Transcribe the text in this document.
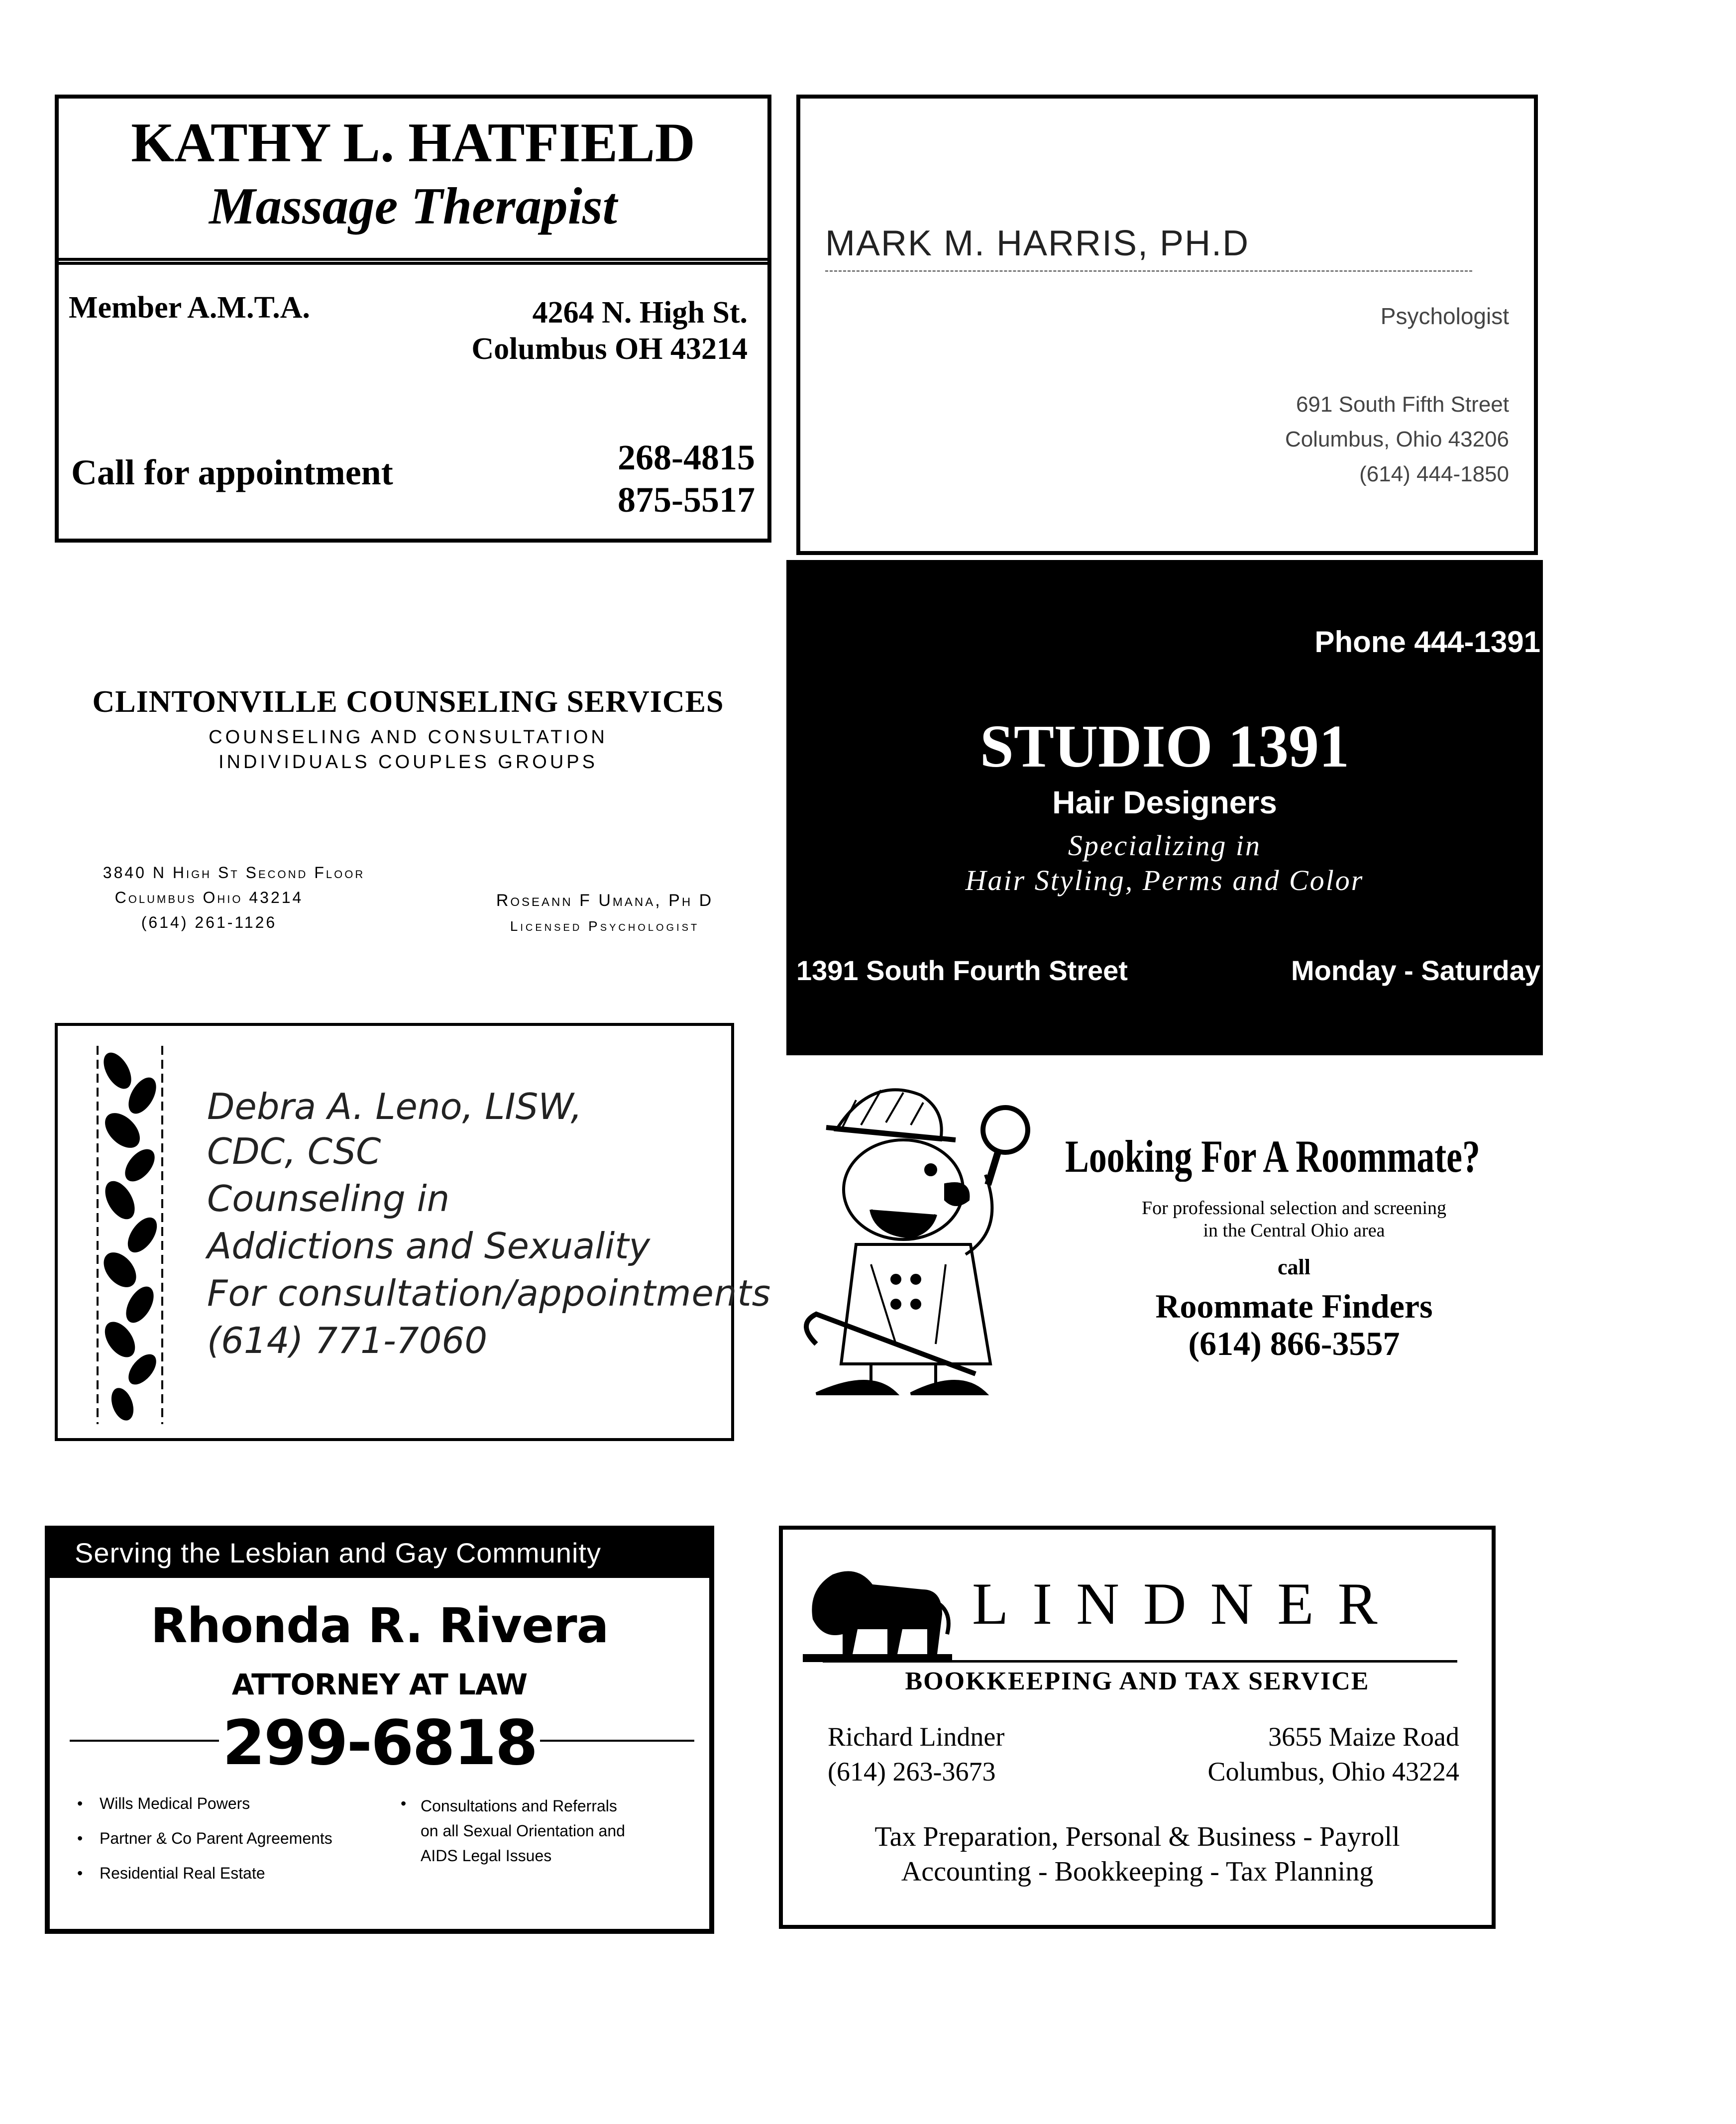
KATHY L. HATFIELD
Massage Therapist
Member A.M.T.A.	4264 N. High St.
Columbus OH 43214
Call for appointment	268-4815
875-5517
MARK M. HARRIS, PH.D
Psychologist
691 South Fifth Street
Columbus, Ohio 43206
(614) 444-1850
CLINTONVILLE COUNSELING SERVICES
COUNSELING AND CONSULTATION
INDIVIDUALS COUPLES GROUPS
3840 N High St Second Floor
Columbus Ohio 43214
(614) 261-1126
Roseann F Umana, Ph D
Licensed Psychologist
Phone 444-1391
STUDIO 1391
Hair Designers
Specializing in
Hair Styling, Perms and Color
1391 South Fourth Street	Monday - Saturday
Debra A. Leno, LISW,
CDC, CSC
Counseling in
Addictions and Sexuality
For consultation/appointments
(614) 771-7060
Looking For A Roommate?
For professional selection and screening
in the Central Ohio area
call
Roommate Finders
(614) 866-3557
Serving the Lesbian and Gay Community
Rhonda R. Rivera
ATTORNEY AT LAW
299-6818
Wills Medical Powers
Partner & Co Parent Agreements
Residential Real Estate
•
•
•
• Consultations and Referrals
on all Sexual Orientation and
AIDS Legal Issues
LINDNER
BOOKKEEPING AND TAX SERVICE
Richard Lindner
(614) 263-3673
3655 Maize Road
Columbus, Ohio 43224
Tax Preparation, Personal & Business - Payroll
Accounting - Bookkeeping - Tax Planning
